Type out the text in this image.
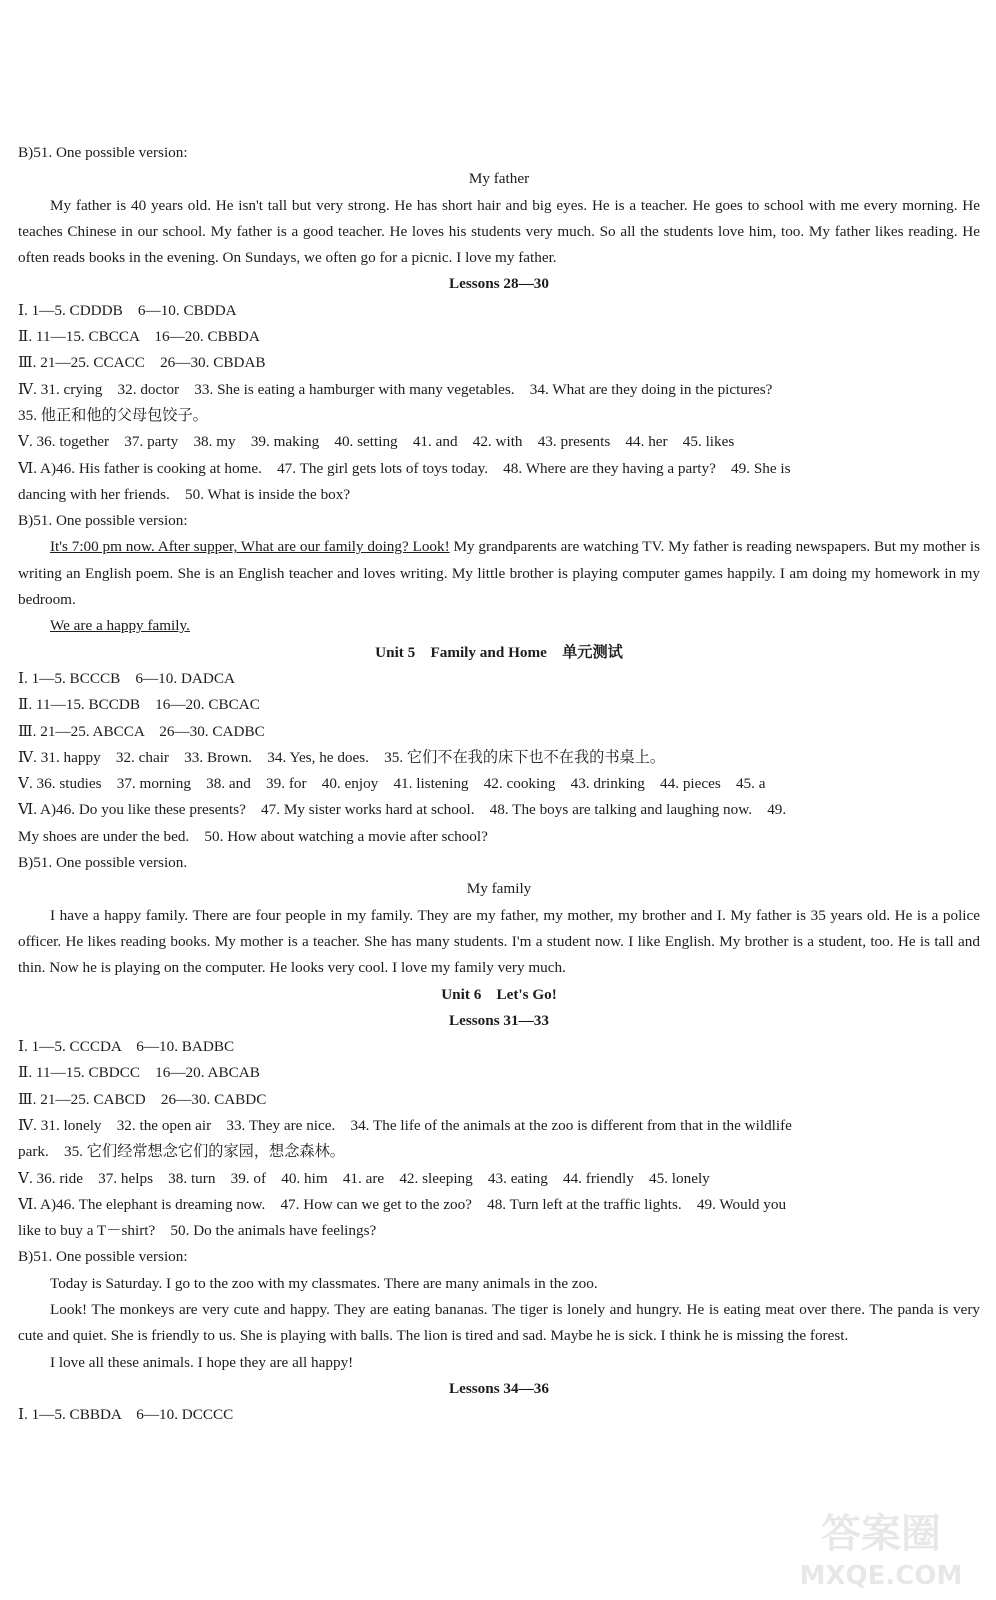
B)51. One possible version:
My father

My father is 40 years old. He isn't tall but very strong. He has short hair and big eyes. He is a teacher. He goes to school with me every morning. He teaches Chinese in our school. My father is a good teacher. He loves his students very much. So all the students love him, too. My father likes reading. He often reads books in the evening. On Sundays, we often go for a picnic. I love my father.

Lessons 28—30
Ⅰ. 1—5. CDDDB　6—10. CBDDA
Ⅱ. 11—15. CBCCA　16—20. CBBDA
Ⅲ. 21—25. CCACC　26—30. CBDAB
Ⅳ. 31. crying　32. doctor　33. She is eating a hamburger with many vegetables.　34. What are they doing in the pictures?
35. 他正和他的父母包饺子。
Ⅴ. 36. together　37. party　38. my　39. making　40. setting　41. and　42. with　43. presents　44. her　45. likes
Ⅵ. A)46. His father is cooking at home.　47. The girl gets lots of toys today.　48. Where are they having a party?　49. She is
dancing with her friends.　50. What is inside the box?
B)51. One possible version:

It's 7:00 pm now. After supper, What are our family doing? Look! My grandparents are watching TV. My father is reading newspapers. But my mother is writing an English poem. She is an English teacher and loves writing. My little brother is playing computer games happily. I am doing my homework in my bedroom.

We are a happy family.

Unit 5　Family and Home　单元测试
Ⅰ. 1—5. BCCCB　6—10. DADCA
Ⅱ. 11—15. BCCDB　16—20. CBCAC
Ⅲ. 21—25. ABCCA　26—30. CADBC
Ⅳ. 31. happy　32. chair　33. Brown.　34. Yes, he does.　35. 它们不在我的床下也不在我的书桌上。
Ⅴ. 36. studies　37. morning　38. and　39. for　40. enjoy　41. listening　42. cooking　43. drinking　44. pieces　45. a
Ⅵ. A)46. Do you like these presents?　47. My sister works hard at school.　48. The boys are talking and laughing now.　49.
My shoes are under the bed.　50. How about watching a movie after school?
B)51. One possible version.
My family

I have a happy family. There are four people in my family. They are my father, my mother, my brother and I. My father is 35 years old. He is a police officer. He likes reading books. My mother is a teacher. She has many students. I'm a student now. I like English. My brother is a student, too. He is tall and thin. Now he is playing on the computer. He looks very cool. I love my family very much.

Unit 6　Let's Go!
Lessons 31—33
Ⅰ. 1—5. CCCDA　6—10. BADBC
Ⅱ. 11—15. CBDCC　16—20. ABCAB
Ⅲ. 21—25. CABCD　26—30. CABDC
Ⅳ. 31. lonely　32. the open air　33. They are nice.　34. The life of the animals at the zoo is different from that in the wildlife
park.　35. 它们经常想念它们的家园，想念森林。
Ⅴ. 36. ride　37. helps　38. turn　39. of　40. him　41. are　42. sleeping　43. eating　44. friendly　45. lonely
Ⅵ. A)46. The elephant is dreaming now.　47. How can we get to the zoo?　48. Turn left at the traffic lights.　49. Would you
like to buy a T－shirt?　50. Do the animals have feelings?
B)51. One possible version:

Today is Saturday. I go to the zoo with my classmates. There are many animals in the zoo.

Look! The monkeys are very cute and happy. They are eating bananas. The tiger is lonely and hungry. He is eating meat over there. The panda is very cute and quiet. She is friendly to us. She is playing with balls. The lion is tired and sad. Maybe he is sick. I think he is missing the forest.

I love all these animals. I hope they are all happy!

Lessons 34—36
Ⅰ. 1—5. CBBDA　6—10. DCCCC
答案圈
MXQE.COM
